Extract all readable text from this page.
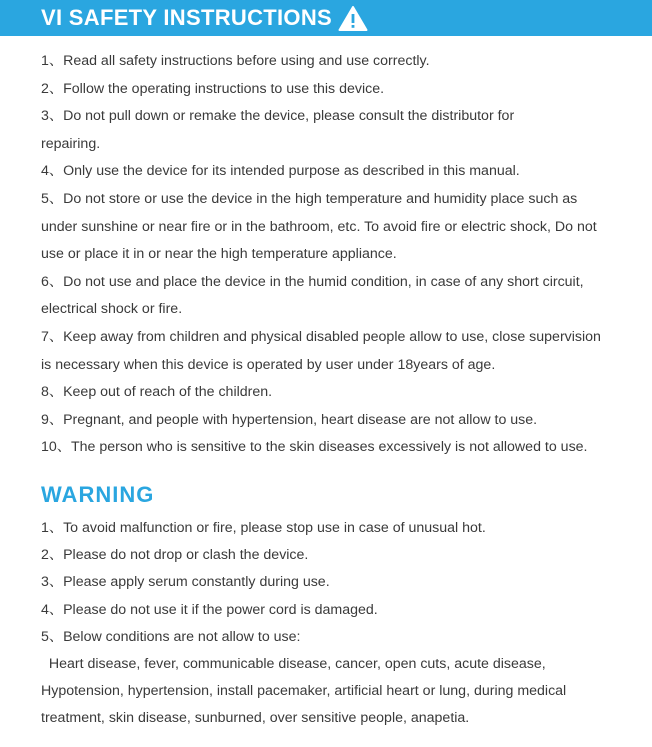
VI SAFETY INSTRUCTIONS
1、Read all safety instructions before using and use correctly.
2、Follow the operating instructions to use this device.
3、Do not pull down or remake the device, please consult the distributor for
repairing.
4、Only use the device for its intended purpose as described in this manual.
5、Do not store or use the device in the high temperature and humidity place such as
under sunshine or near fire or in the bathroom, etc. To avoid fire or electric shock, Do not
use or place it in or near the high temperature appliance.
6、Do not use and place the device in the humid condition, in case of any short circuit,
electrical shock or fire.
7、Keep away from children and physical disabled people allow to use, close supervision
is necessary when this device is operated by user under 18years of age.
8、Keep out of reach of the children.
9、Pregnant, and people with hypertension, heart disease are not allow to use.
10、The person who is sensitive to the skin diseases excessively is not allowed to use.
WARNING
1、To avoid malfunction or fire, please stop use in case of unusual hot.
2、Please do not drop or clash the device.
3、Please apply serum constantly during use.
4、Please do not use it if the power cord is damaged.
5、Below conditions are not allow to use:
Heart disease, fever, communicable disease, cancer, open cuts, acute disease,
Hypotension, hypertension, install pacemaker, artificial heart or lung, during medical
treatment, skin disease, sunburned, over sensitive people, anapetia.
